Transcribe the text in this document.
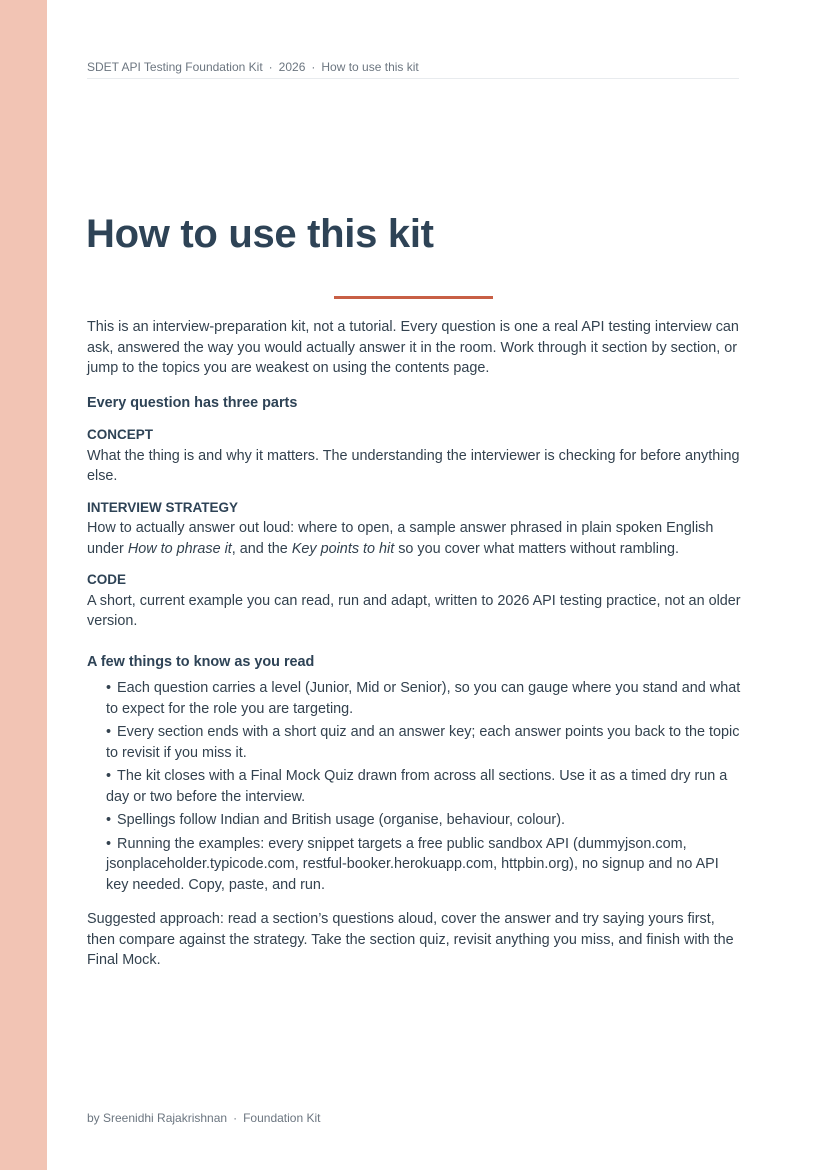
SDET API Testing Foundation Kit · 2026 · How to use this kit
How to use this kit

This is an interview-preparation kit, not a tutorial. Every question is one a real API testing interview can ask, answered the way you would actually answer it in the room. Work through it section by section, or jump to the topics you are weakest on using the contents page.

Every question has three parts

CONCEPT

What the thing is and why it matters. The understanding the interviewer is checking for before anything else.

INTERVIEW STRATEGY

How to actually answer out loud: where to open, a sample answer phrased in plain spoken English under How to phrase it, and the Key points to hit so you cover what matters without rambling.

CODE

A short, current example you can read, run and adapt, written to 2026 API testing practice, not an older version.

A few things to know as you read

• Each question carries a level (Junior, Mid or Senior), so you can gauge where you stand and what to expect for the role you are targeting.
• Every section ends with a short quiz and an answer key; each answer points you back to the topic to revisit if you miss it.
• The kit closes with a Final Mock Quiz drawn from across all sections. Use it as a timed dry run a day or two before the interview.
• Spellings follow Indian and British usage (organise, behaviour, colour).
• Running the examples: every snippet targets a free public sandbox API (dummyjson.com, jsonplaceholder.typicode.com, restful-booker.herokuapp.com, httpbin.org), no signup and no API key needed. Copy, paste, and run.

Suggested approach: read a section’s questions aloud, cover the answer and try saying yours first, then compare against the strategy. Take the section quiz, revisit anything you miss, and finish with the Final Mock.

by Sreenidhi Rajakrishnan · Foundation Kit
